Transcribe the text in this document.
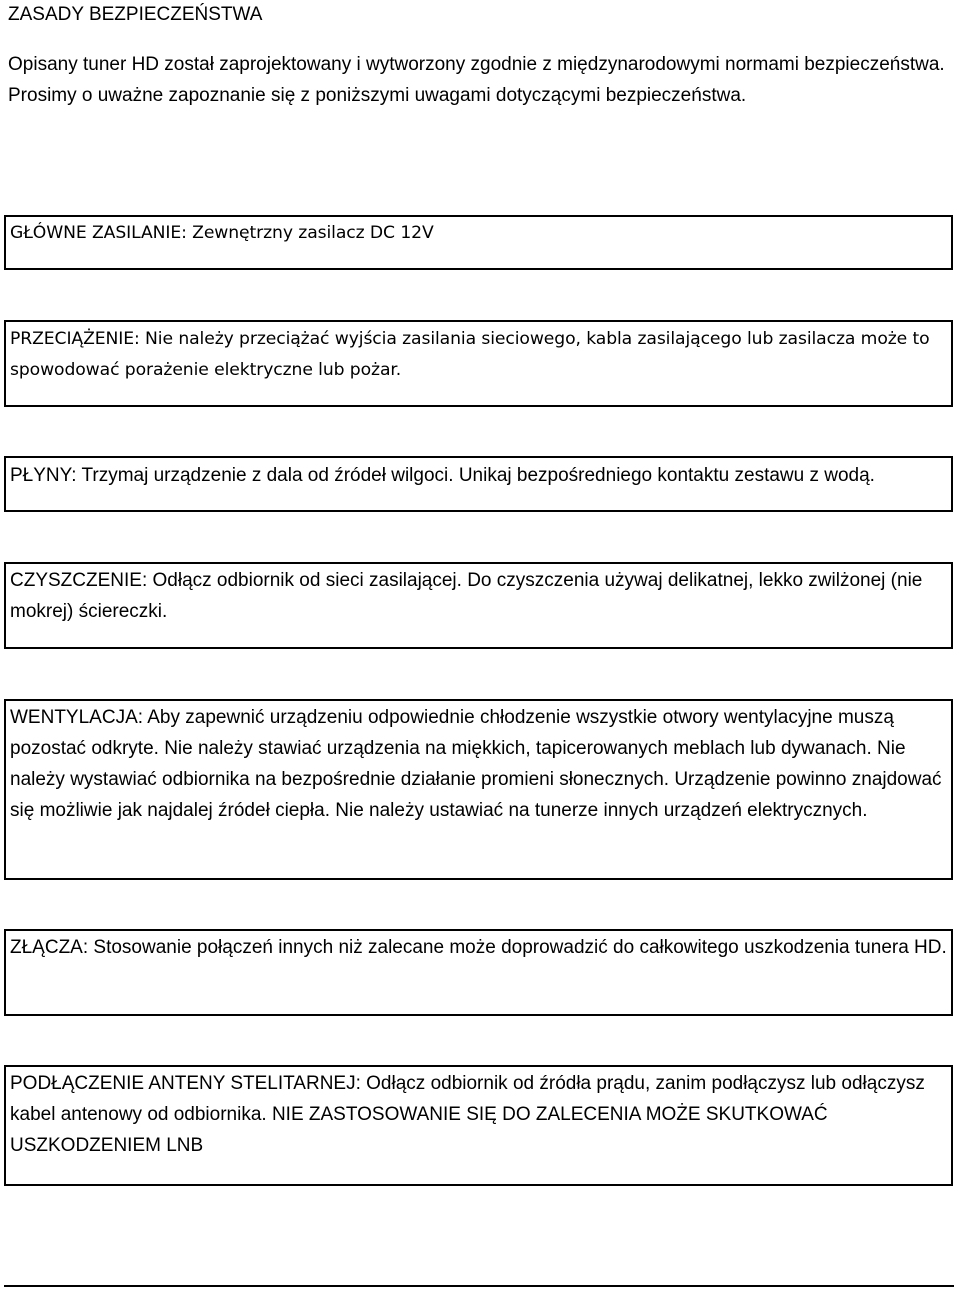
ZASADY BEZPIECZEŃSTWA

Opisany tuner HD został zaprojektowany i wytworzony zgodnie z międzynarodowymi normami bezpieczeństwa. Prosimy o uważne zapoznanie się z poniższymi uwagami dotyczącymi bezpieczeństwa.

GŁÓWNE ZASILANIE: Zewnętrzny zasilacz DC 12V
PRZECIĄŻENIE: Nie należy przeciążać wyjścia zasilania sieciowego, kabla zasilającego lub zasilacza może to spowodować porażenie elektryczne lub pożar.
PŁYNY: Trzymaj urządzenie z dala od źródeł wilgoci. Unikaj bezpośredniego kontaktu zestawu z wodą.
CZYSZCZENIE: Odłącz odbiornik od sieci zasilającej. Do czyszczenia używaj delikatnej, lekko zwilżonej (nie mokrej) ściereczki.
WENTYLACJA: Aby zapewnić urządzeniu odpowiednie chłodzenie wszystkie otwory wentylacyjne muszą pozostać odkryte. Nie należy stawiać urządzenia na miękkich, tapicerowanych meblach lub dywanach. Nie należy wystawiać odbiornika na bezpośrednie działanie promieni słonecznych. Urządzenie powinno znajdować się możliwie jak najdalej źródeł ciepła. Nie należy ustawiać na tunerze innych urządzeń elektrycznych.
ZŁĄCZA: Stosowanie połączeń innych niż zalecane może doprowadzić do całkowitego uszkodzenia tunera HD.
PODŁĄCZENIE ANTENY STELITARNEJ: Odłącz odbiornik od źródła prądu, zanim podłączysz lub odłączysz kabel antenowy od odbiornika. NIE ZASTOSOWANIE SIĘ DO ZALECENIA MOŻE SKUTKOWAĆ USZKODZENIEM LNB
